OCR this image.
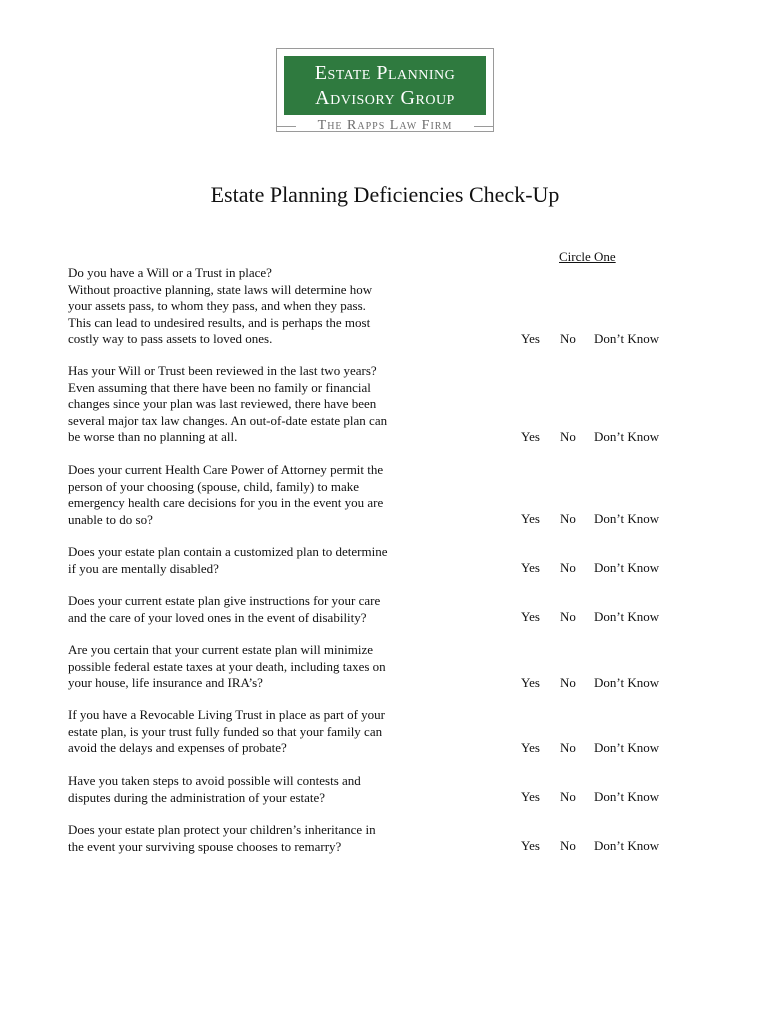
Estate Planning
Advisory Group
The Rapps Law Firm
Estate Planning Deficiencies Check-Up
Circle One
Do you have a Will or a Trust in place?
Without proactive planning, state laws will determine how
your assets pass, to whom they pass, and when they pass.
This can lead to undesired results, and is perhaps the most
costly way to pass assets to loved ones.	Yes No Don’t Know
Has your Will or Trust been reviewed in the last two years?
Even assuming that there have been no family or financial
changes since your plan was last reviewed, there have been
several major tax law changes. An out-of-date estate plan can
be worse than no planning at all.	Yes No Don’t Know
Does your current Health Care Power of Attorney permit the
person of your choosing (spouse, child, family) to make
emergency health care decisions for you in the event you are
unable to do so?	Yes No Don’t Know
Does your estate plan contain a customized plan to determine
if you are mentally disabled?	Yes No Don’t Know
Does your current estate plan give instructions for your care
and the care of your loved ones in the event of disability?	Yes No Don’t Know
Are you certain that your current estate plan will minimize
possible federal estate taxes at your death, including taxes on
your house, life insurance and IRA’s?	Yes No Don’t Know
If you have a Revocable Living Trust in place as part of your
estate plan, is your trust fully funded so that your family can
avoid the delays and expenses of probate?	Yes No Don’t Know
Have you taken steps to avoid possible will contests and
disputes during the administration of your estate?	Yes No Don’t Know
Does your estate plan protect your children’s inheritance in
the event your surviving spouse chooses to remarry?	Yes No Don’t Know
